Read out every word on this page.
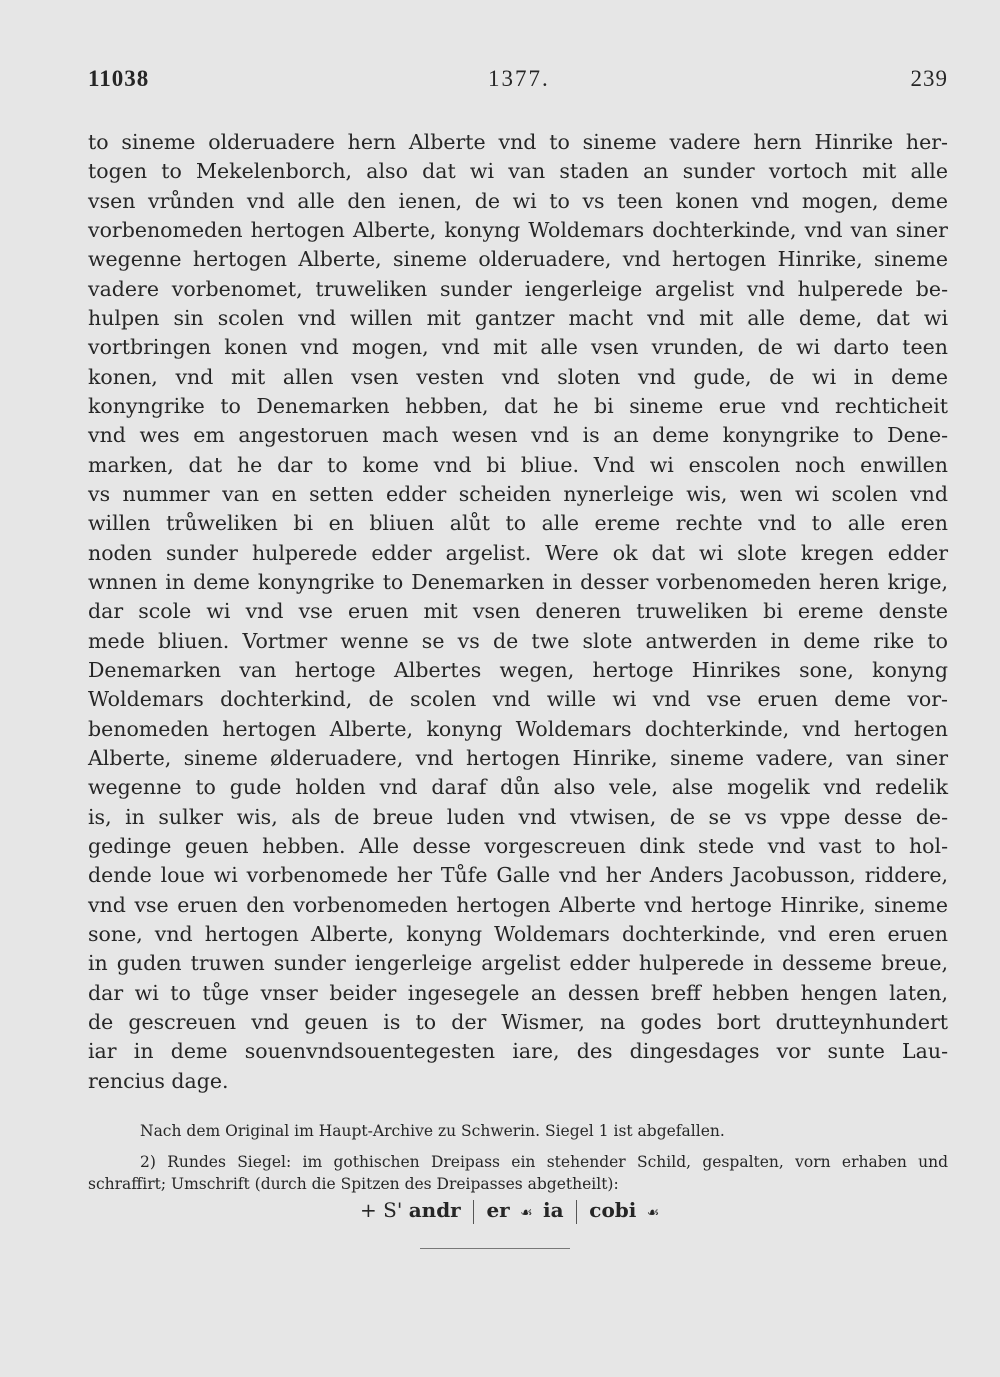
11038	1377.	239
to sineme olderuadere hern Alberte vnd to sineme vadere hern Hinrike her-
togen to Mekelenborch, also dat wi van staden an sunder vortoch mit alle
vsen vrůnden vnd alle den ienen, de wi to vs teen konen vnd mogen, deme
vorbenomeden hertogen Alberte, konyng Woldemars dochterkinde, vnd van siner
wegenne hertogen Alberte, sineme olderuadere, vnd hertogen Hinrike, sineme
vadere vorbenomet, truweliken sunder iengerleige argelist vnd hulperede be-
hulpen sin scolen vnd willen mit gantzer macht vnd mit alle deme, dat wi
vortbringen konen vnd mogen, vnd mit alle vsen vrunden, de wi darto teen
konen, vnd mit allen vsen vesten vnd sloten vnd gude, de wi in deme
konyngrike to Denemarken hebben, dat he bi sineme erue vnd rechticheit
vnd wes em angestoruen mach wesen vnd is an deme konyngrike to Dene-
marken, dat he dar to kome vnd bi bliue. Vnd wi enscolen noch enwillen
vs nummer van en setten edder scheiden nynerleige wis, wen wi scolen vnd
willen trůweliken bi en bliuen alůt to alle ereme rechte vnd to alle eren
noden sunder hulperede edder argelist. Were ok dat wi slote kregen edder
wnnen in deme konyngrike to Denemarken in desser vorbenomeden heren krige,
dar scole wi vnd vse eruen mit vsen deneren truweliken bi ereme denste
mede bliuen. Vortmer wenne se vs de twe slote antwerden in deme rike to
Denemarken van hertoge Albertes wegen, hertoge Hinrikes sone, konyng
Woldemars dochterkind, de scolen vnd wille wi vnd vse eruen deme vor-
benomeden hertogen Alberte, konyng Woldemars dochterkinde, vnd hertogen
Alberte, sineme ølderuadere, vnd hertogen Hinrike, sineme vadere, van siner
wegenne to gude holden vnd daraf důn also vele, alse mogelik vnd redelik
is, in sulker wis, als de breue luden vnd vtwisen, de se vs vppe desse de-
gedinge geuen hebben. Alle desse vorgescreuen dink stede vnd vast to hol-
dende loue wi vorbenomede her Tůfe Galle vnd her Anders Jacobusson, riddere,
vnd vse eruen den vorbenomeden hertogen Alberte vnd hertoge Hinrike, sineme
sone, vnd hertogen Alberte, konyng Woldemars dochterkinde, vnd eren eruen
in guden truwen sunder iengerleige argelist edder hulperede in desseme breue,
dar wi to tůge vnser beider ingesegele an dessen breff hebben hengen laten,
de gescreuen vnd geuen is to der Wismer, na godes bort drutteynhundert
iar in deme souenvndsouentegesten iare, des dingesdages vor sunte Lau-
rencius dage.
Nach dem Original im Haupt-Archive zu Schwerin. Siegel 1 ist abgefallen.
2) Rundes Siegel: im gothischen Dreipass ein stehender Schild, gespalten, vorn erhaben und
schraffirt; Umschrift (durch die Spitzen des Dreipasses abgetheilt):
+ S' andr er ☙ ia cobi ☙
